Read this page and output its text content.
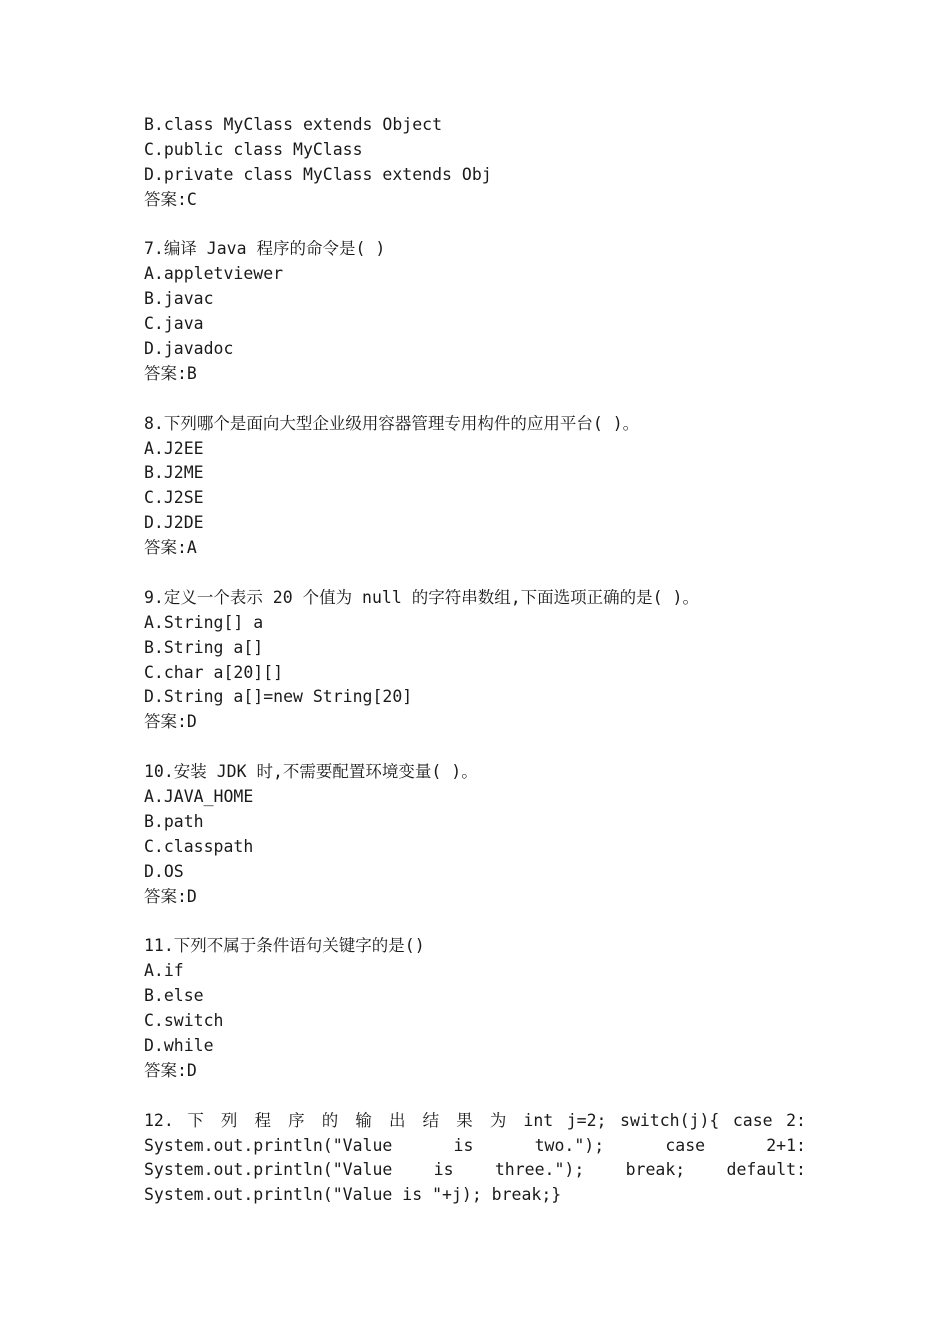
B.class MyClass extends Object
C.public class MyClass
D.private class MyClass extends Obj
答案:C
7.编译 Java 程序的命令是( )
A.appletviewer
B.javac
C.java
D.javadoc
答案:B
8.下列哪个是面向大型企业级用容器管理专用构件的应用平台( )。
A.J2EE
B.J2ME
C.J2SE
D.J2DE
答案:A
9.定义一个表示 20 个值为 null 的字符串数组,下面选项正确的是( )。
A.String[] a
B.String a[]
C.char a[20][]
D.String a[]=new String[20]
答案:D
10.安装 JDK 时,不需要配置环境变量( )。
A.JAVA_HOME
B.path
C.classpath
D.OS
答案:D
11.下列不属于条件语句关键字的是()
A.if
B.else
C.switch
D.while
答案:D
12. 下 列 程 序 的 输 出 结 果 为 int j=2; switch(j){ case 2:
System.out.println("Value is two."); case 2+1:
System.out.println("Value is three."); break; default:
System.out.println("Value is "+j); break;}
